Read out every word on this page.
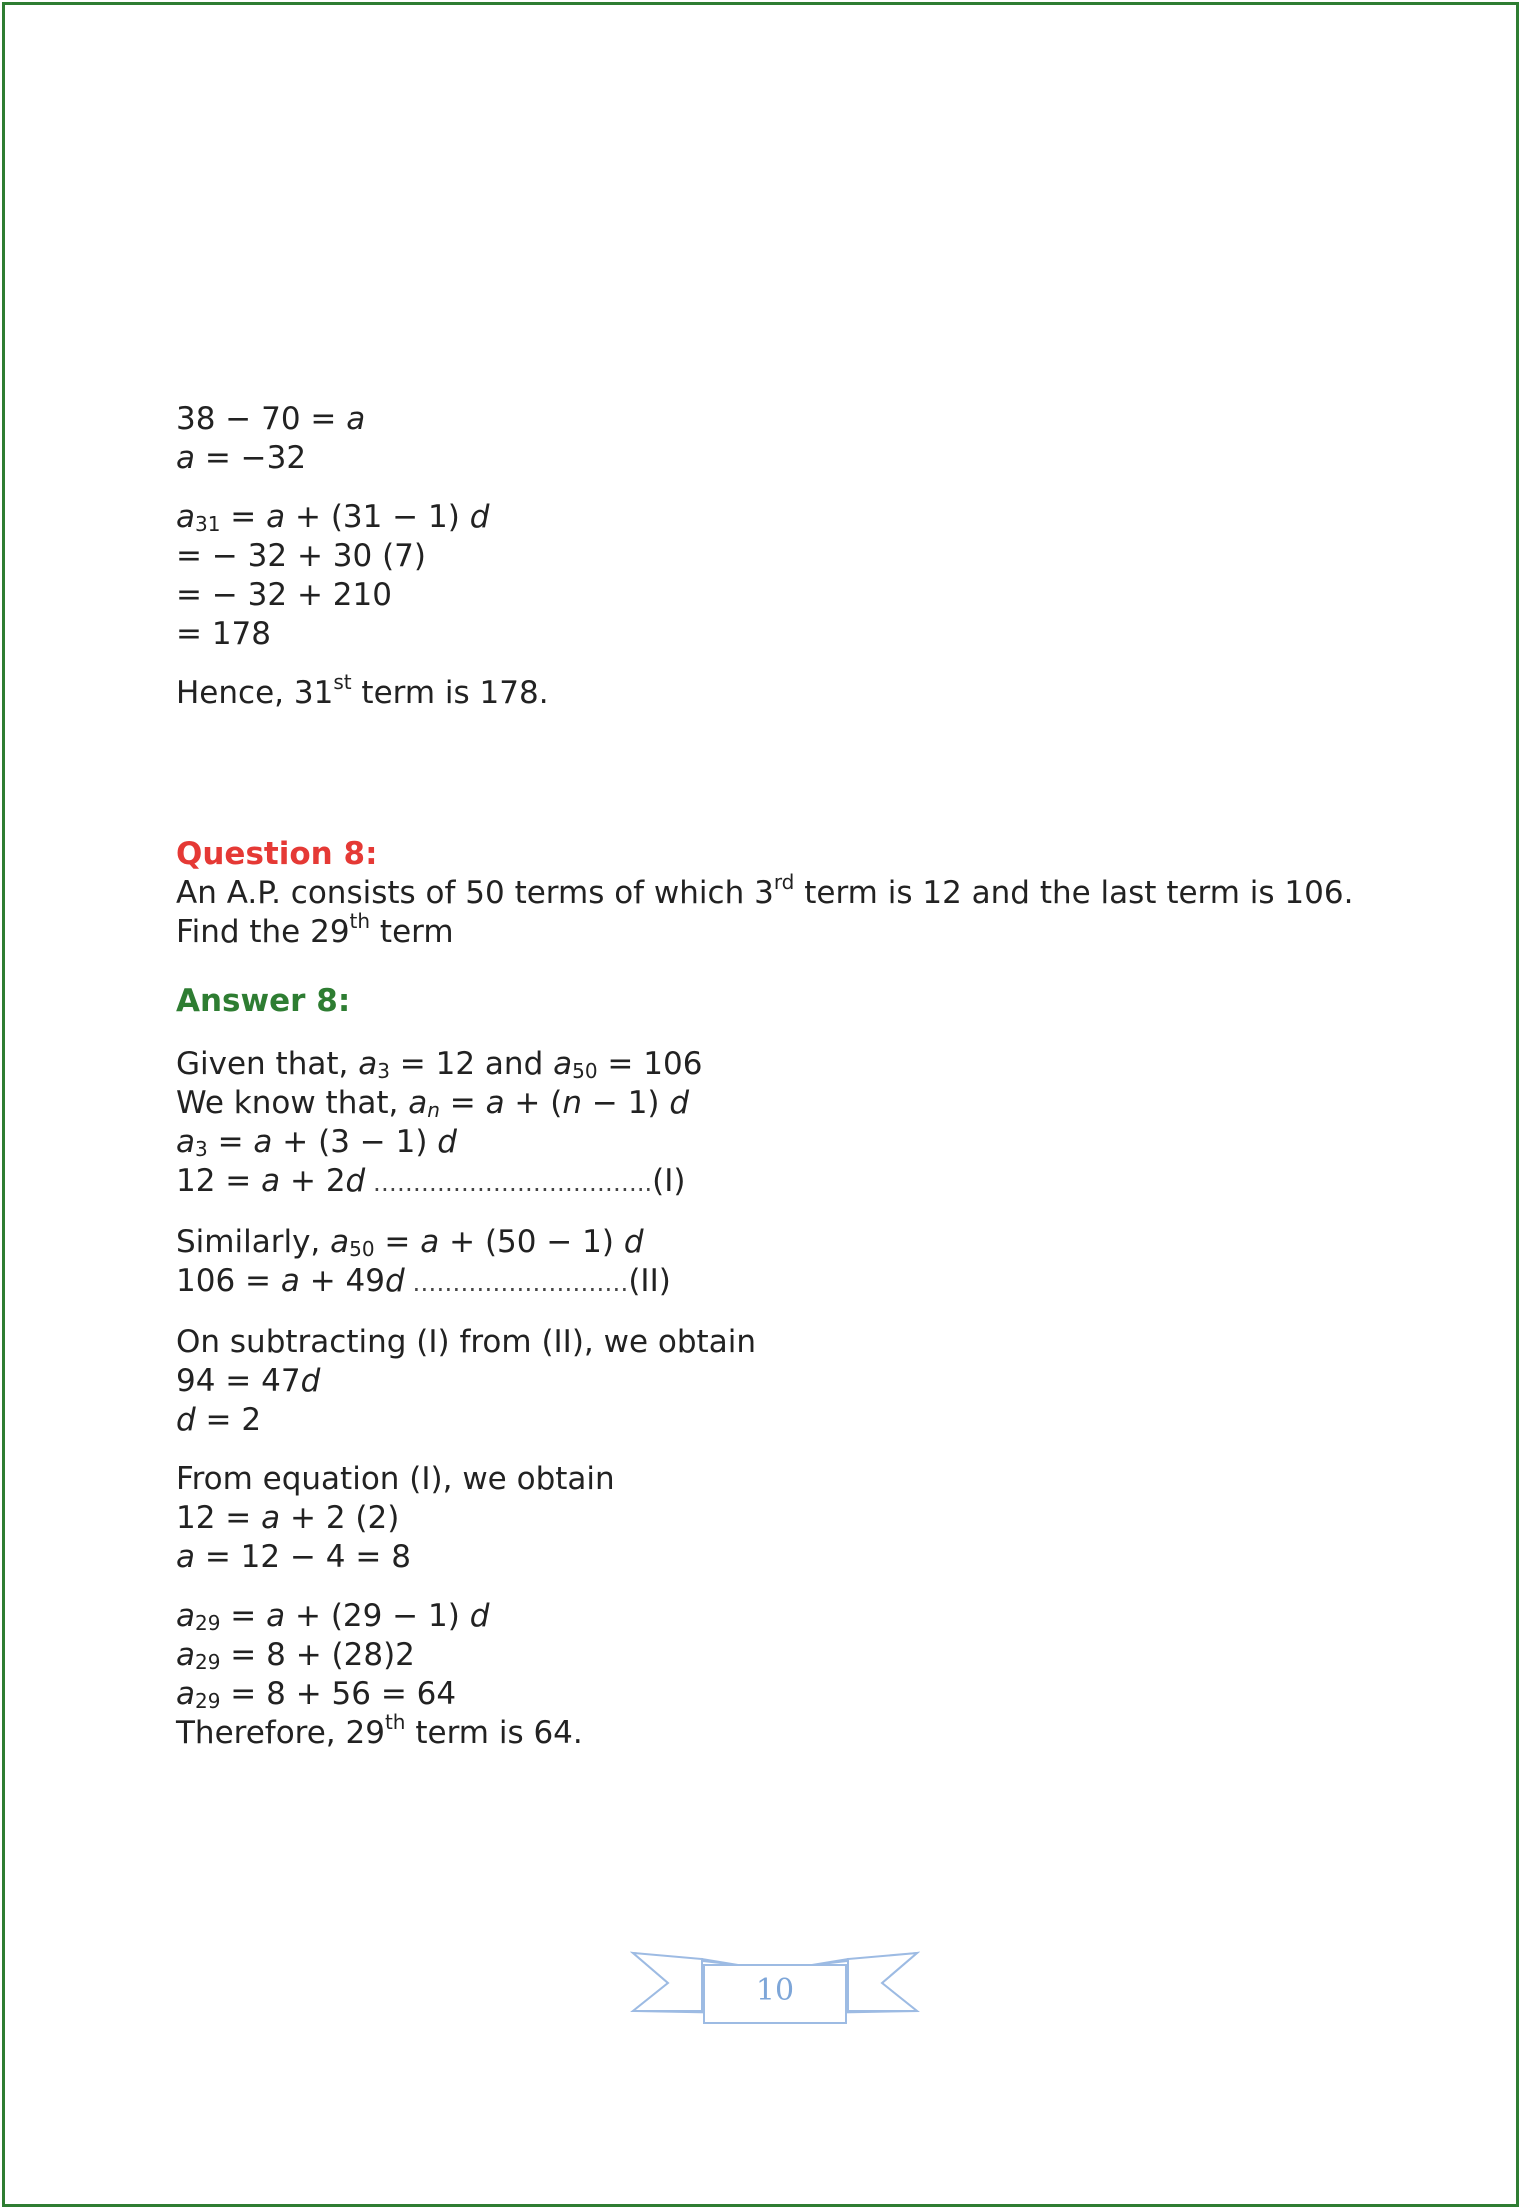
38 − 70 = a
a = −32
$a_{31} = a + (31 - 1)$ d
= − 32 + 30 (7)
= − 32 + 210
= 178
Hence, 31st term is 178.
Question 8:
An A.P. consists of 50 terms of which 3rd term is 12 and the last term is 106. Find the 29th term
Answer 8:
Given that, $a_3 = 12$ and $a_{50} = 106$
We know that, $a_n = a + (n - 1)$ d
$a_3 = a + (3 - 1)$ d
12 = a + 2d ……………………………..(I)
Similarly, $a_{50} = a + (50 - 1)$ d
106 = a + 49d ………………………(II)
On subtracting (I) from (II), we obtain
94 = 47d
d = 2
From equation (I), we obtain
12 = a + 2 (2)
a = 12 − 4 = 8
$a_{29} = a + (29 - 1)$ d
$a_{29} = 8 + (28)2$
$a_{29} = 8 + 56 = 64$
Therefore, 29th term is 64.
10
